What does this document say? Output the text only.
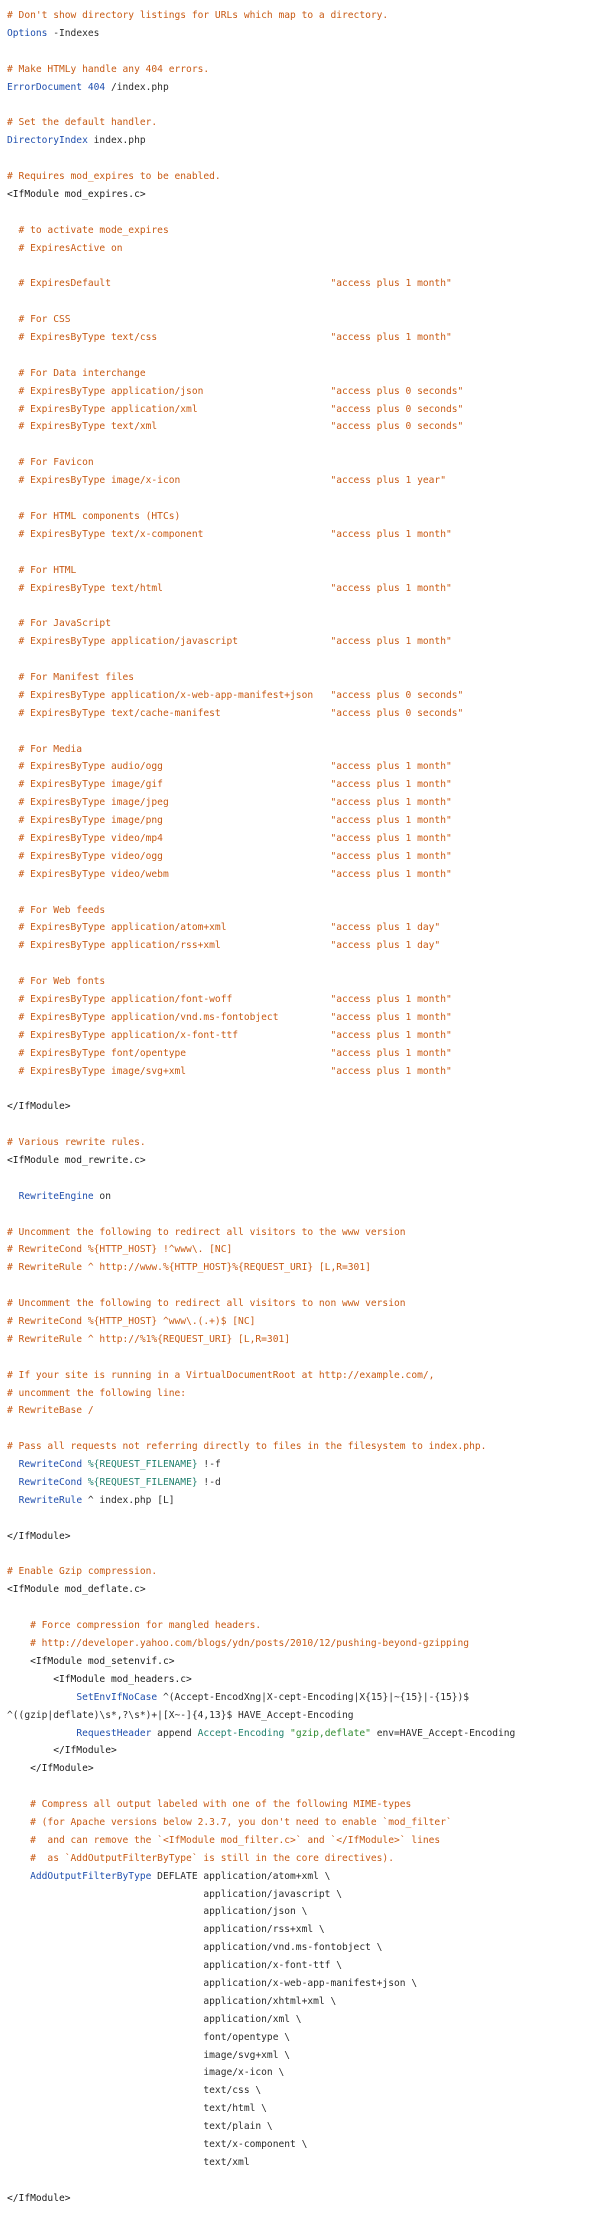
# Don't show directory listings for URLs which map to a directory.
Options -Indexes

# Make HTMLy handle any 404 errors.
ErrorDocument 404 /index.php

# Set the default handler.
DirectoryIndex index.php

# Requires mod_expires to be enabled.
<IfModule mod_expires.c>

# to activate mode_expires
# ExpiresActive on

# ExpiresDefault                                      "access plus 1 month"

# For CSS
# ExpiresByType text/css                              "access plus 1 month"

# For Data interchange
# ExpiresByType application/json                      "access plus 0 seconds"
# ExpiresByType application/xml                       "access plus 0 seconds"
# ExpiresByType text/xml                              "access plus 0 seconds"

# For Favicon
# ExpiresByType image/x-icon                          "access plus 1 year"

# For HTML components (HTCs)
# ExpiresByType text/x-component                      "access plus 1 month"

# For HTML
# ExpiresByType text/html                             "access plus 1 month"

# For JavaScript
# ExpiresByType application/javascript                "access plus 1 month"

# For Manifest files
# ExpiresByType application/x-web-app-manifest+json   "access plus 0 seconds"
# ExpiresByType text/cache-manifest                   "access plus 0 seconds"

# For Media
# ExpiresByType audio/ogg                             "access plus 1 month"
# ExpiresByType image/gif                             "access plus 1 month"
# ExpiresByType image/jpeg                            "access plus 1 month"
# ExpiresByType image/png                             "access plus 1 month"
# ExpiresByType video/mp4                             "access plus 1 month"
# ExpiresByType video/ogg                             "access plus 1 month"
# ExpiresByType video/webm                            "access plus 1 month"

# For Web feeds
# ExpiresByType application/atom+xml                  "access plus 1 day"
# ExpiresByType application/rss+xml                   "access plus 1 day"

# For Web fonts
# ExpiresByType application/font-woff                 "access plus 1 month"
# ExpiresByType application/vnd.ms-fontobject         "access plus 1 month"
# ExpiresByType application/x-font-ttf                "access plus 1 month"
# ExpiresByType font/opentype                         "access plus 1 month"
# ExpiresByType image/svg+xml                         "access plus 1 month"

</IfModule>

# Various rewrite rules.
<IfModule mod_rewrite.c>

RewriteEngine on

# Uncomment the following to redirect all visitors to the www version
# RewriteCond %{HTTP_HOST} !^www\. [NC]
# RewriteRule ^ http://www.%{HTTP_HOST}%{REQUEST_URI} [L,R=301]

# Uncomment the following to redirect all visitors to non www version
# RewriteCond %{HTTP_HOST} ^www\.(.+)$ [NC]
# RewriteRule ^ http://%1%{REQUEST_URI} [L,R=301]

# If your site is running in a VirtualDocumentRoot at http://example.com/,
# uncomment the following line:
# RewriteBase /

# Pass all requests not referring directly to files in the filesystem to index.php.
RewriteCond %{REQUEST_FILENAME} !-f
RewriteCond %{REQUEST_FILENAME} !-d
RewriteRule ^ index.php [L]

</IfModule>

# Enable Gzip compression.
<IfModule mod_deflate.c>

# Force compression for mangled headers.
# http://developer.yahoo.com/blogs/ydn/posts/2010/12/pushing-beyond-gzipping
<IfModule mod_setenvif.c>
<IfModule mod_headers.c>
SetEnvIfNoCase ^(Accept-EncodXng|X-cept-Encoding|X{15}|~{15}|-{15})$
^((gzip|deflate)\s*,?\s*)+|[X~-]{4,13}$ HAVE_Accept-Encoding
RequestHeader append Accept-Encoding "gzip,deflate" env=HAVE_Accept-Encoding
</IfModule>
</IfModule>

# Compress all output labeled with one of the following MIME-types
# (for Apache versions below 2.3.7, you don't need to enable `mod_filter`
#  and can remove the `<IfModule mod_filter.c>` and `</IfModule>` lines
#  as `AddOutputFilterByType` is still in the core directives).
AddOutputFilterByType DEFLATE application/atom+xml \
application/javascript \
application/json \
application/rss+xml \
application/vnd.ms-fontobject \
application/x-font-ttf \
application/x-web-app-manifest+json \
application/xhtml+xml \
application/xml \
font/opentype \
image/svg+xml \
image/x-icon \
text/css \
text/html \
text/plain \
text/x-component \
text/xml

</IfModule>
